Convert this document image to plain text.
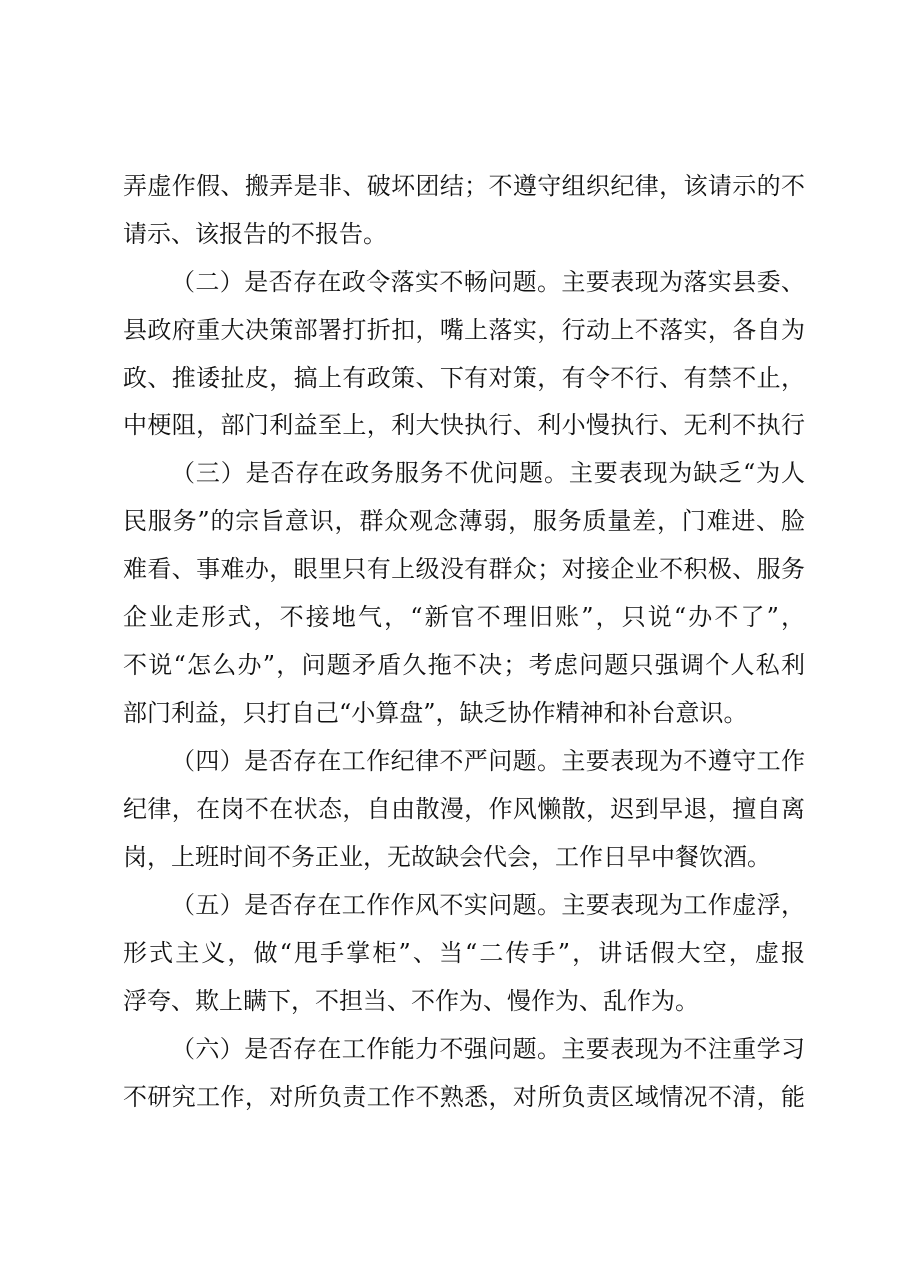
弄虚作假、搬弄是非、破坏团结；不遵守组织纪律，该请示的不
请示、该报告的不报告。
（二）是否存在政令落实不畅问题。主要表现为落实县委、
县政府重大决策部署打折扣，嘴上落实，行动上不落实，各自为
政、推诿扯皮，搞上有政策、下有对策，有令不行、有禁不止，
中梗阻，部门利益至上，利大快执行、利小慢执行、无利不执行
（三）是否存在政务服务不优问题。主要表现为缺乏“为人
民服务”的宗旨意识，群众观念薄弱，服务质量差，门难进、脸
难看、事难办，眼里只有上级没有群众；对接企业不积极、服务
企业走形式，不接地气，“新官不理旧账”，只说“办不了”，
不说“怎么办”，问题矛盾久拖不决；考虑问题只强调个人私利
部门利益，只打自己“小算盘”，缺乏协作精神和补台意识。
（四）是否存在工作纪律不严问题。主要表现为不遵守工作
纪律，在岗不在状态，自由散漫，作风懒散，迟到早退，擅自离
岗，上班时间不务正业，无故缺会代会，工作日早中餐饮酒。
（五）是否存在工作作风不实问题。主要表现为工作虚浮，
形式主义，做“甩手掌柜”、当“二传手”，讲话假大空，虚报
浮夸、欺上瞒下，不担当、不作为、慢作为、乱作为。
（六）是否存在工作能力不强问题。主要表现为不注重学习
不研究工作，对所负责工作不熟悉，对所负责区域情况不清，能
